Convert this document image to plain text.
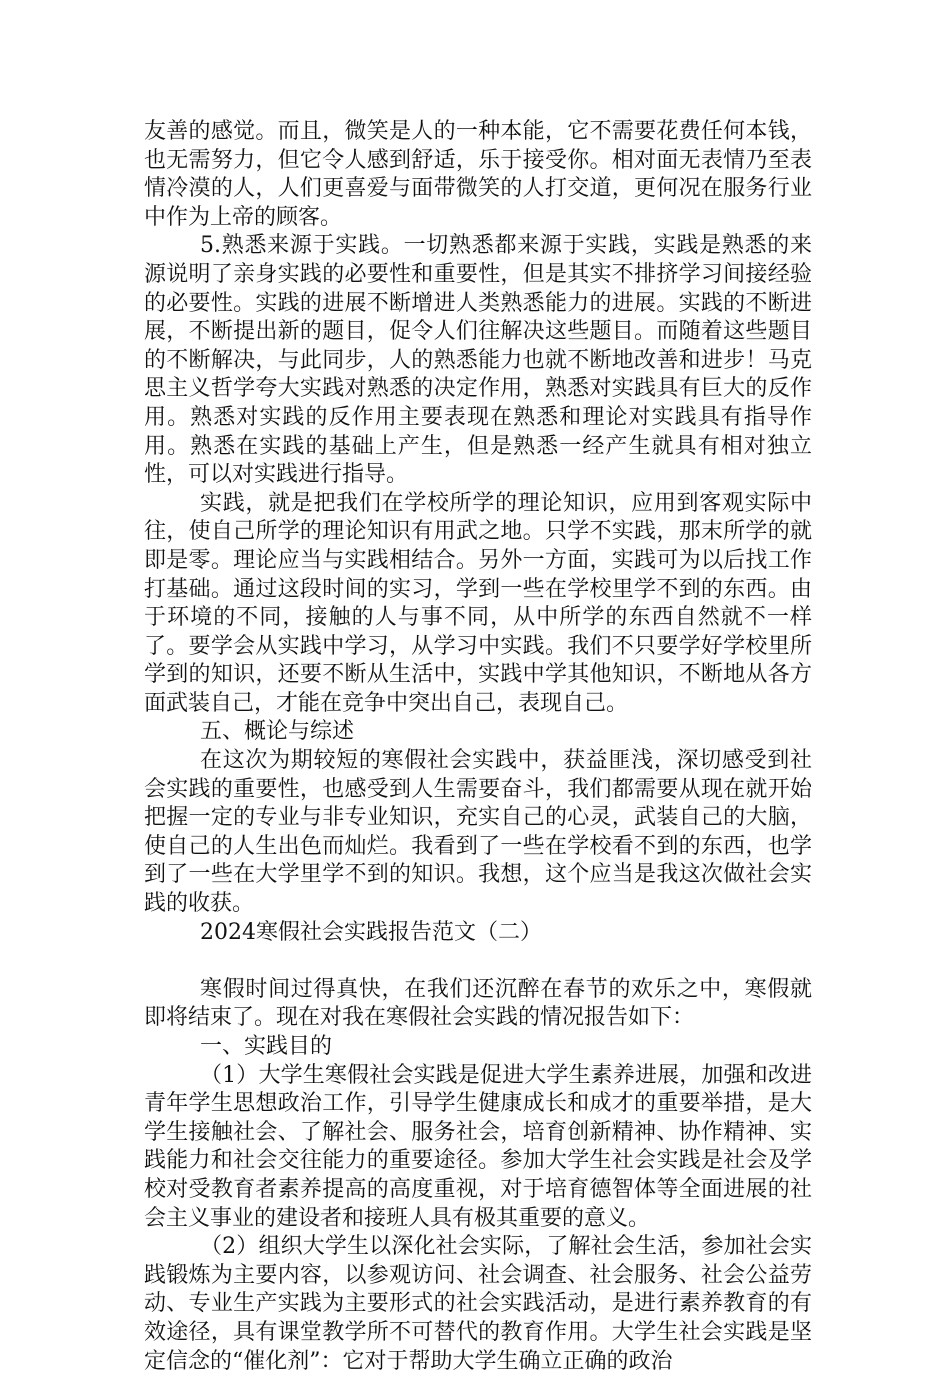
友善的感觉。而且，微笑是人的一种本能，它不需要花费任何本钱，也无需努力，但它令人感到舒适，乐于接受你。相对面无表情乃至表情冷漠的人，人们更喜爱与面带微笑的人打交道，更何况在服务行业中作为上帝的顾客。

5.熟悉来源于实践。一切熟悉都来源于实践，实践是熟悉的来源说明了亲身实践的必要性和重要性，但是其实不排挤学习间接经验的必要性。实践的进展不断增进人类熟悉能力的进展。实践的不断进展，不断提出新的题目，促令人们往解决这些题目。而随着这些题目的不断解决，与此同步，人的熟悉能力也就不断地改善和进步！马克思主义哲学夸大实践对熟悉的决定作用，熟悉对实践具有巨大的反作用。熟悉对实践的反作用主要表现在熟悉和理论对实践具有指导作用。熟悉在实践的基础上产生，但是熟悉一经产生就具有相对独立性，可以对实践进行指导。

实践，就是把我们在学校所学的理论知识，应用到客观实际中往，使自己所学的理论知识有用武之地。只学不实践，那末所学的就即是零。理论应当与实践相结合。另外一方面，实践可为以后找工作打基础。通过这段时间的实习，学到一些在学校里学不到的东西。由于环境的不同，接触的人与事不同，从中所学的东西自然就不一样了。要学会从实践中学习，从学习中实践。我们不只要学好学校里所学到的知识，还要不断从生活中，实践中学其他知识，不断地从各方面武装自己，才能在竞争中突出自己，表现自己。

五、概论与综述

在这次为期较短的寒假社会实践中，获益匪浅，深切感受到社会实践的重要性，也感受到人生需要奋斗，我们都需要从现在就开始把握一定的专业与非专业知识，充实自己的心灵，武装自己的大脑，使自己的人生出色而灿烂。我看到了一些在学校看不到的东西，也学到了一些在大学里学不到的知识。我想，这个应当是我这次做社会实践的收获。

2024寒假社会实践报告范文（二）

寒假时间过得真快，在我们还沉醉在春节的欢乐之中，寒假就即将结束了。现在对我在寒假社会实践的情况报告如下：

一、实践目的

（1）大学生寒假社会实践是促进大学生素养进展，加强和改进青年学生思想政治工作，引导学生健康成长和成才的重要举措，是大学生接触社会、了解社会、服务社会，培育创新精神、协作精神、实践能力和社会交往能力的重要途径。参加大学生社会实践是社会及学校对受教育者素养提高的高度重视，对于培育德智体等全面进展的社会主义事业的建设者和接班人具有极其重要的意义。

（2）组织大学生以深化社会实际，了解社会生活，参加社会实践锻炼为主要内容，以参观访问、社会调查、社会服务、社会公益劳动、专业生产实践为主要形式的社会实践活动，是进行素养教育的有效途径，具有课堂教学所不可替代的教育作用。大学生社会实践是坚定信念的“催化剂”：它对于帮助大学生确立正确的政治
